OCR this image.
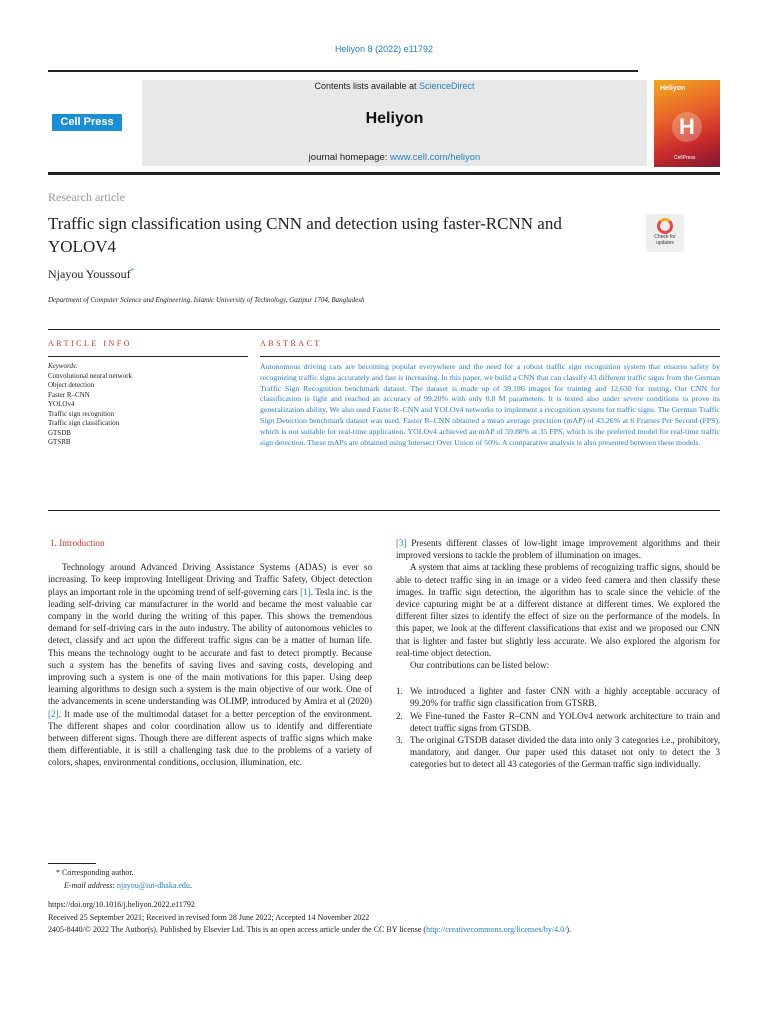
Heliyon 8 (2022) e11792
Cell Press
Contents lists available at ScienceDirect
Heliyon
journal homepage: www.cell.com/heliyon
Heliyon
H
CellPress
Research article
Traffic sign classification using CNN and detection using faster-RCNN and YOLOV4	Check for updates
Njayou Youssouf*
Department of Computer Science and Engineering, Islamic University of Technology, Gazipur 1704, Bangladesh
ARTICLE INFO	ABSTRACT
Keywords:
Convolutional neural network
Object detection
Faster R–CNN
YOLOv4
Traffic sign recognition
Traffic sign classification
GTSDB
GTSRB
Autonomous driving cars are becoming popular everywhere and the need for a robust traffic sign recognition system that ensures safety by recognizing traffic signs accurately and fast is increasing. In this paper, we build a CNN that can classify 43 different traffic signs from the German Traffic Sign Recognition benchmark dataset. The dataset is made up of 39,186 images for training and 12,630 for testing. Our CNN for classification is light and reached an accuracy of 99.20% with only 0.8 M parameters. It is tested also under severe conditions to prove its generalization ability. We also used Faster R–CNN and YOLOv4 networks to implement a recognition system for traffic signs. The German Traffic Sign Detection benchmark dataset was used. Faster R–CNN obtained a mean average precision (mAP) of 43.26% at 6 Frames Per Second (FPS), which is not suitable for real-time application. YOLOv4 achieved an mAP of 59.88% at 35 FPS, which is the preferred model for real-time traffic sign detection. These mAPs are obtained using Intersect Over Union of 50%. A comparative analysis is also presented between these models.
1. Introduction

Technology around Advanced Driving Assistance Systems (ADAS) is ever so increasing. To keep improving Intelligent Driving and Traffic Safety, Object detection plays an important role in the upcoming trend of self-governing cars [1]. Tesla inc. is the leading self-driving car manufacturer in the world and became the most valuable car company in the world during the writing of this paper. This shows the tremendous demand for self-driving cars in the auto industry. The ability of autonomous vehicles to detect, classify and act upon the different traffic signs can be a matter of human life. This means the technology ought to be accurate and fast to detect promptly. Because such a system has the benefits of saving lives and saving costs, developing and improving such a system is one of the main motivations for this paper. Using deep learning algorithms to design such a system is the main objective of our work. One of the advancements in scene understanding was OLIMP, introduced by Amira et al (2020) [2]. It made use of the multimodal dataset for a better perception of the environment. The different shapes and color coordination allow us to identify and differentiate between different signs. Though there are different aspects of traffic signs which make them differentiable, it is still a challenging task due to the problems of a variety of colors, shapes, environmental conditions, occlusion, illumination, etc.

[3] Presents different classes of low-light image improvement algorithms and their improved versions to tackle the problem of illumination on images.

A system that aims at tackling these problems of recognizing traffic signs, should be able to detect traffic sing in an image or a video feed camera and then classify these images. In traffic sign detection, the algorithm has to scale since the vehicle of the device capturing might be at a different distance at different times. We explored the different filter sizes to identify the effect of size on the performance of the models. In this paper, we look at the different classifications that exist and we proposed our CNN that is lighter and faster but slightly less accurate. We also explored the algorism for real-time object detection.

Our contributions can be listed below:

1. We introduced a lighter and faster CNN with a highly acceptable accuracy of 99.20% for traffic sign classification from GTSRB.
2. We Fine-tuned the Faster R–CNN and YOLOv4 network architecture to train and detect traffic signs from GTSDB.
3. The original GTSDB dataset divided the data into only 3 categories i.e., prohibitory, mandatory, and danger. Our paper used this dataset not only to detect the 3 categories but to detect all 43 categories of the German traffic sign individually.
* Corresponding author.
E-mail address: njayou@iut-dhaka.edu.
https://doi.org/10.1016/j.heliyon.2022.e11792
Received 25 September 2021; Received in revised form 28 June 2022; Accepted 14 November 2022
2405-8440/© 2022 The Author(s). Published by Elsevier Ltd. This is an open access article under the CC BY license (http://creativecommons.org/licenses/by/4.0/).
